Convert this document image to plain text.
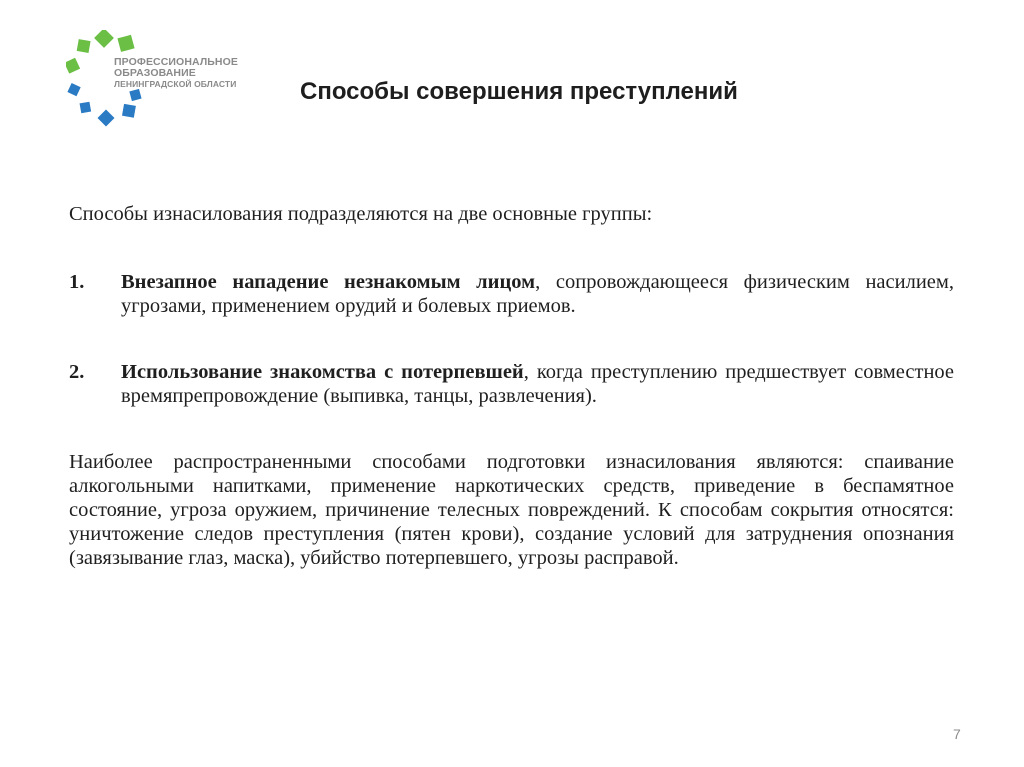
ПРОФЕССИОНАЛЬНОЕ
ОБРАЗОВАНИЕ
ЛЕНИНГРАДСКОЙ ОБЛАСТИ	Способы совершения преступлений

Способы изнасилования подразделяются на две основные группы:

1.	Внезапное нападение незнакомым лицом, сопровождающееся физическим насилием, угрозами, применением орудий и болевых приемов.
2.	Использование знакомства с потерпевшей, когда преступлению предшествует совместное времяпрепровождение (выпивка, танцы, развлечения).

Наиболее распространенными способами подготовки изнасилования являются: спаивание алкогольными напитками, применение наркотических средств, приведение в беспамятное состояние, угроза оружием, причинение телесных повреждений. К способам сокрытия относятся: уничтожение следов преступления (пятен крови), создание условий для затруднения опознания (завязывание глаз, маска), убийство потерпевшего, угрозы расправой.

7
